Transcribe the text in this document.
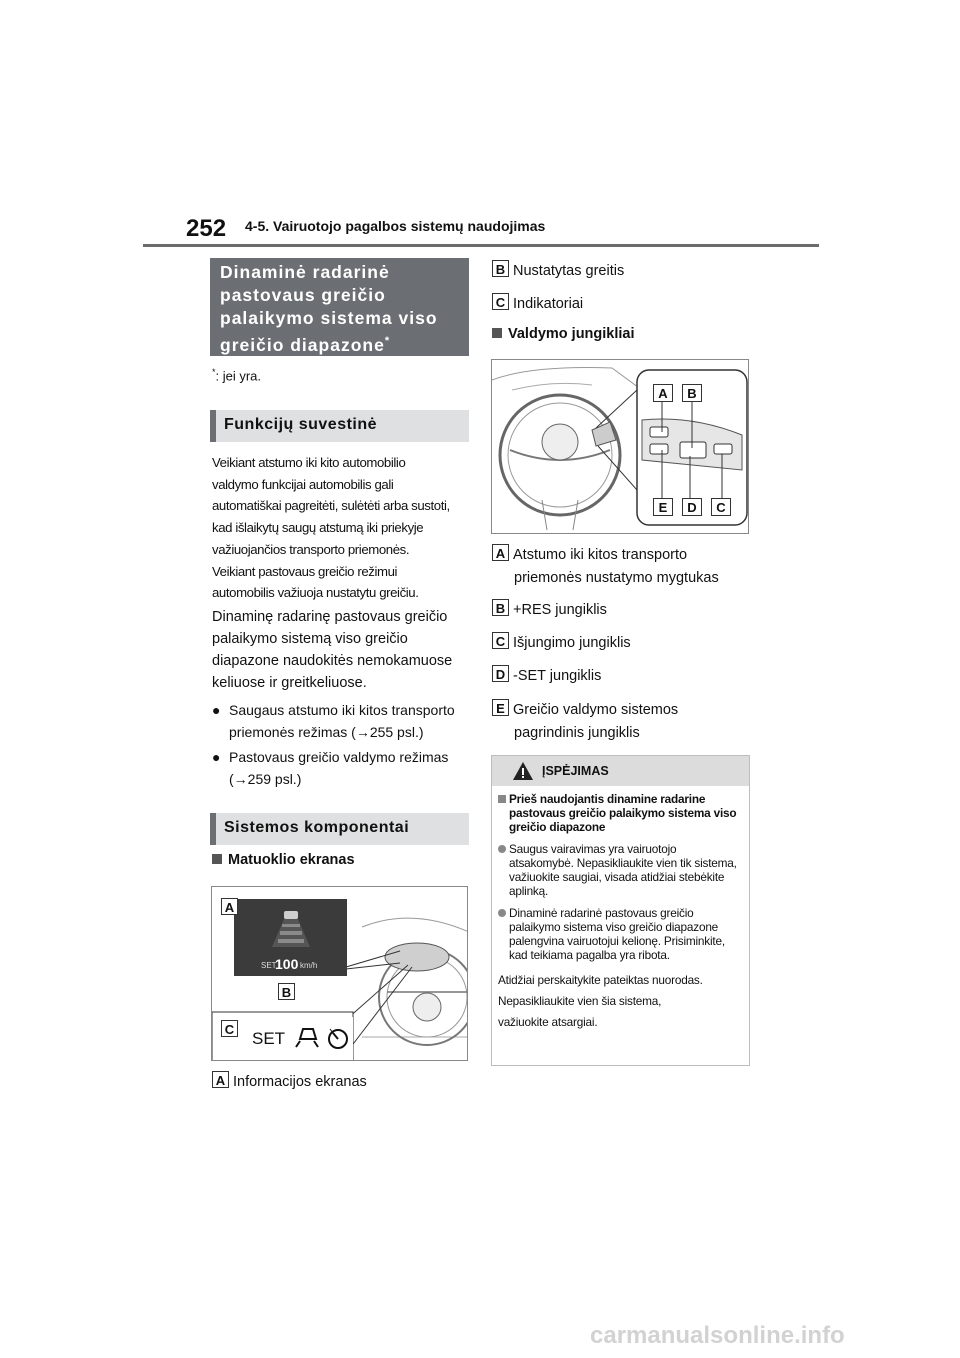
252 4-5. Vairuotojo pagalbos sistemų naudojimas
Dinaminė radarinė
pastovaus greičio
palaikymo sistema viso
greičio diapazone*
*: jei yra.
Funkcijų suvestinė
Veikiant atstumo iki kito automobilio
valdymo funkcijai automobilis gali
automatiškai pagreitėti, sulėtėti arba sustoti,
kad išlaikytų saugų atstumą iki priekyje
važiuojančios transporto priemonės.
Veikiant pastovaus greičio režimui
automobilis važiuoja nustatytu greičiu.
Dinaminę radarinę pastovaus greičio
palaikymo sistemą viso greičio
diapazone naudokitės nemokamuose
keliuose ir greitkeliuose.
● Saugaus atstumo iki kitos transporto
priemonės režimas (→255 psl.)
● Pastovaus greičio valdymo režimas
(→259 psl.)
Sistemos komponentai
Matuoklio ekranas
A
SET
100 km/h
B
C SET
A Informacijos ekranas
B Nustatytas greitis
C Indikatoriai
Valdymo jungikliai
A	B
E	D	C
A Atstumo iki kitos transporto
priemonės nustatymo mygtukas
B +RES jungiklis
C Išjungimo jungiklis
D -SET jungiklis
E Greičio valdymo sistemos
pagrindinis jungiklis
ĮSPĖJIMAS
Prieš naudojantis dinamine radarine pastovaus greičio palaikymo sistema viso greičio diapazone
Saugus vairavimas yra vairuotojo atsakomybė. Nepasikliaukite vien tik sistema, važiuokite saugiai, visada atidžiai stebėkite aplinką.
Dinaminė radarinė pastovaus greičio palaikymo sistema viso greičio diapazone palengvina vairuotojui kelionę. Prisiminkite, kad teikiama pagalba yra ribota.
Atidžiai perskaitykite pateiktas nuorodas.
Nepasikliaukite vien šia sistema,
važiuokite atsargiai.
carmanualsonline.info
